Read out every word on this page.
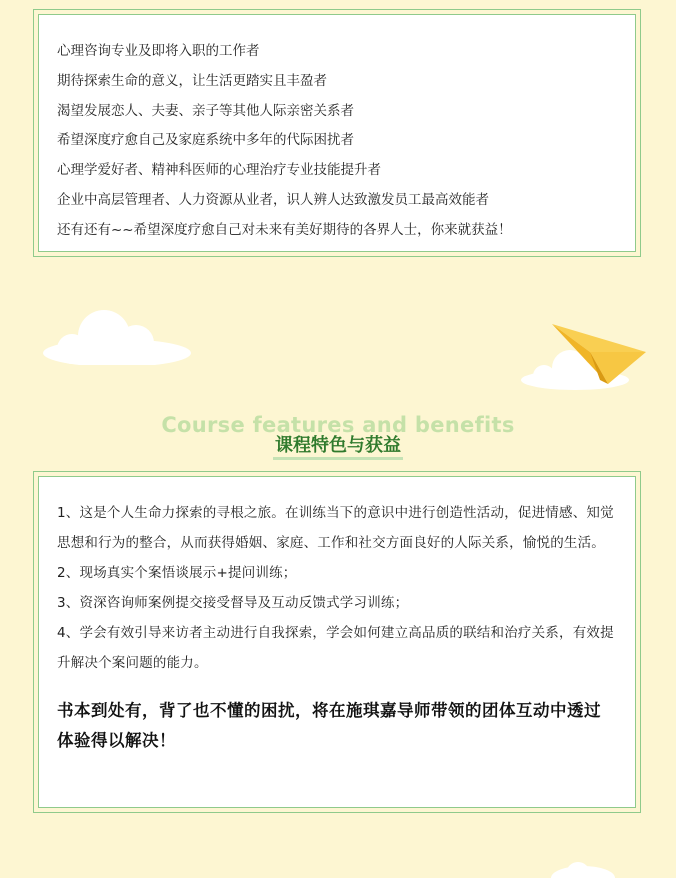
心理咨询专业及即将入职的工作者

期待探索生命的意义，让生活更踏实且丰盈者

渴望发展恋人、夫妻、亲子等其他人际亲密关系者

希望深度疗愈自己及家庭系统中多年的代际困扰者

心理学爱好者、精神科医师的心理治疗专业技能提升者

企业中高层管理者、人力资源从业者，识人辨人达致激发员工最高效能者

还有还有~~希望深度疗愈自己对未来有美好期待的各界人士，你来就获益！

Course features and benefits
课程特色与获益

1、这是个人生命力探索的寻根之旅。在训练当下的意识中进行创造性活动，促进情感、知觉思想和行为的整合，从而获得婚姻、家庭、工作和社交方面良好的人际关系，愉悦的生活。

2、现场真实个案悟谈展示+提问训练；

3、资深咨询师案例提交接受督导及互动反馈式学习训练；

4、学会有效引导来访者主动进行自我探索，学会如何建立高品质的联结和治疗关系，有效提升解决个案问题的能力。

书本到处有，背了也不懂的困扰，将在施琪嘉导师带领的团体互动中透过体验得以解决！
